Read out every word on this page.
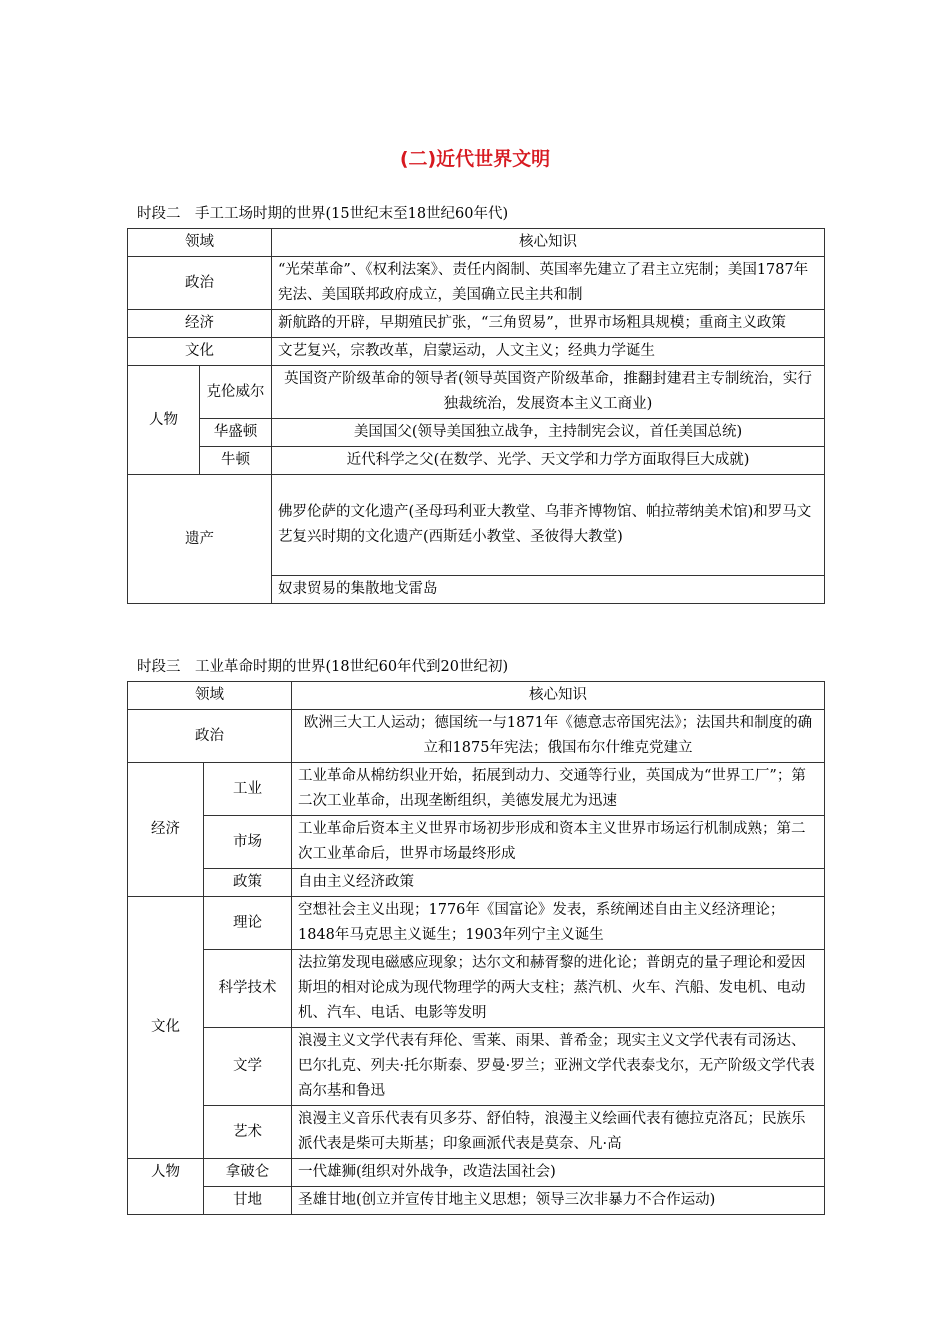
(二)近代世界文明
时段二　手工工场时期的世界(15世纪末至18世纪60年代)
领域		核心知识
政治		“光荣革命”、《权利法案》、责任内阁制、英国率先建立了君主立宪制；美国1787年宪法、美国联邦政府成立，美国确立民主共和制
经济		新航路的开辟，早期殖民扩张，“三角贸易”，世界市场粗具规模；重商主义政策
文化		文艺复兴，宗教改革，启蒙运动，人文主义；经典力学诞生
人物	克伦威尔	英国资产阶级革命的领导者(领导英国资产阶级革命，推翻封建君主专制统治，实行独裁统治，发展资本主义工商业)
	华盛顿	美国国父(领导美国独立战争，主持制宪会议，首任美国总统)
	牛顿	近代科学之父(在数学、光学、天文学和力学方面取得巨大成就)
遗产		佛罗伦萨的文化遗产(圣母玛利亚大教堂、乌菲齐博物馆、帕拉蒂纳美术馆)和罗马文艺复兴时期的文化遗产(西斯廷小教堂、圣彼得大教堂)
		奴隶贸易的集散地戈雷岛
时段三　工业革命时期的世界(18世纪60年代到20世纪初)
领域		核心知识
政治		欧洲三大工人运动；德国统一与1871年《德意志帝国宪法》；法国共和制度的确立和1875年宪法；俄国布尔什维克党建立
经济	工业	工业革命从棉纺织业开始，拓展到动力、交通等行业，英国成为“世界工厂”；第二次工业革命，出现垄断组织，美德发展尤为迅速
	市场	工业革命后资本主义世界市场初步形成和资本主义世界市场运行机制成熟；第二次工业革命后，世界市场最终形成
	政策	自由主义经济政策
文化	理论	空想社会主义出现；1776年《国富论》发表，系统阐述自由主义经济理论；1848年马克思主义诞生；1903年列宁主义诞生
	科学技术	法拉第发现电磁感应现象；达尔文和赫胥黎的进化论；普朗克的量子理论和爱因斯坦的相对论成为现代物理学的两大支柱；蒸汽机、火车、汽船、发电机、电动机、汽车、电话、电影等发明
	文学	浪漫主义文学代表有拜伦、雪莱、雨果、普希金；现实主义文学代表有司汤达、巴尔扎克、列夫·托尔斯泰、罗曼·罗兰；亚洲文学代表泰戈尔，无产阶级文学代表高尔基和鲁迅
	艺术	浪漫主义音乐代表有贝多芬、舒伯特，浪漫主义绘画代表有德拉克洛瓦；民族乐派代表是柴可夫斯基；印象画派代表是莫奈、凡·高
人物	拿破仑	一代雄狮(组织对外战争，改造法国社会)
	甘地	圣雄甘地(创立并宣传甘地主义思想；领导三次非暴力不合作运动)
